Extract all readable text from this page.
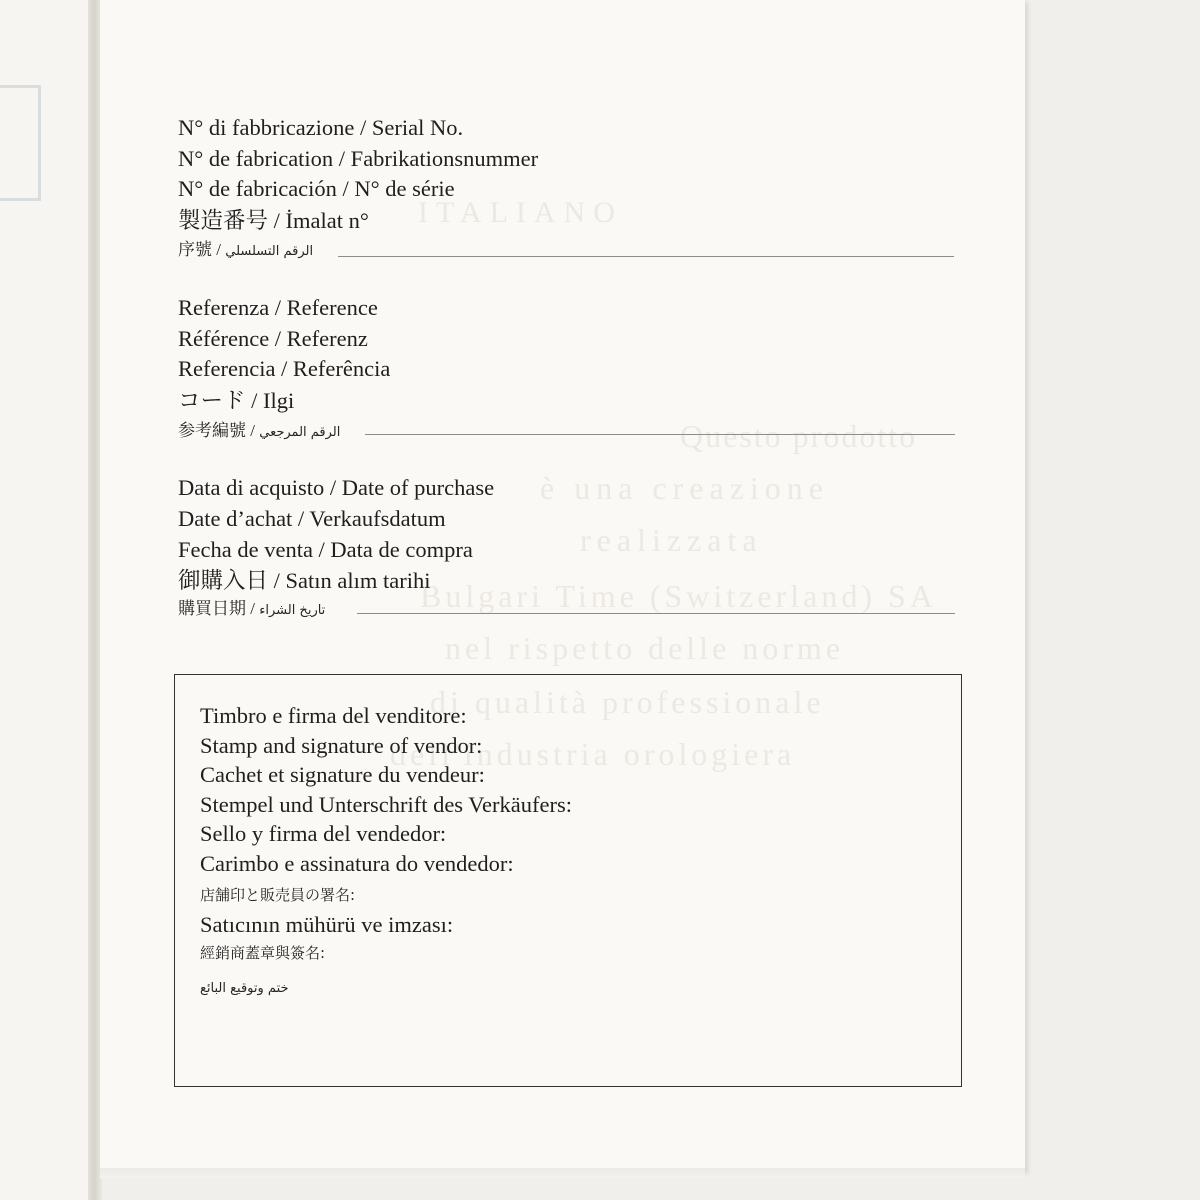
ITALIANO
Questo prodotto
è una creazione
realizzata
Bulgari Time (Switzerland) SA
nel rispetto delle norme
di qualità professionale
dell'industria orologiera
N° di fabbricazione / Serial No.
N° de fabrication / Fabrikationsnummer
N° de fabricación / N° de série
製造番号 / İmalat n°
序號 / الرقم التسلسلي
Referenza / Reference
Référence / Referenz
Referencia / Referência
コード / Ilgi
参考編號 / الرقم المرجعي
Data di acquisto / Date of purchase
Date d’achat / Verkaufsdatum
Fecha de venta / Data de compra
御購入日 / Satın alım tarihi
購買日期 / تاريخ الشراء
Timbro e firma del venditore:
Stamp and signature of vendor:
Cachet et signature du vendeur:
Stempel und Unterschrift des Verkäufers:
Sello y firma del vendedor:
Carimbo e assinatura do vendedor:
店舗印と販売員の署名:
Satıcının mühürü ve imzası:
經銷商蓋章與簽名:
ختم وتوقيع البائع
